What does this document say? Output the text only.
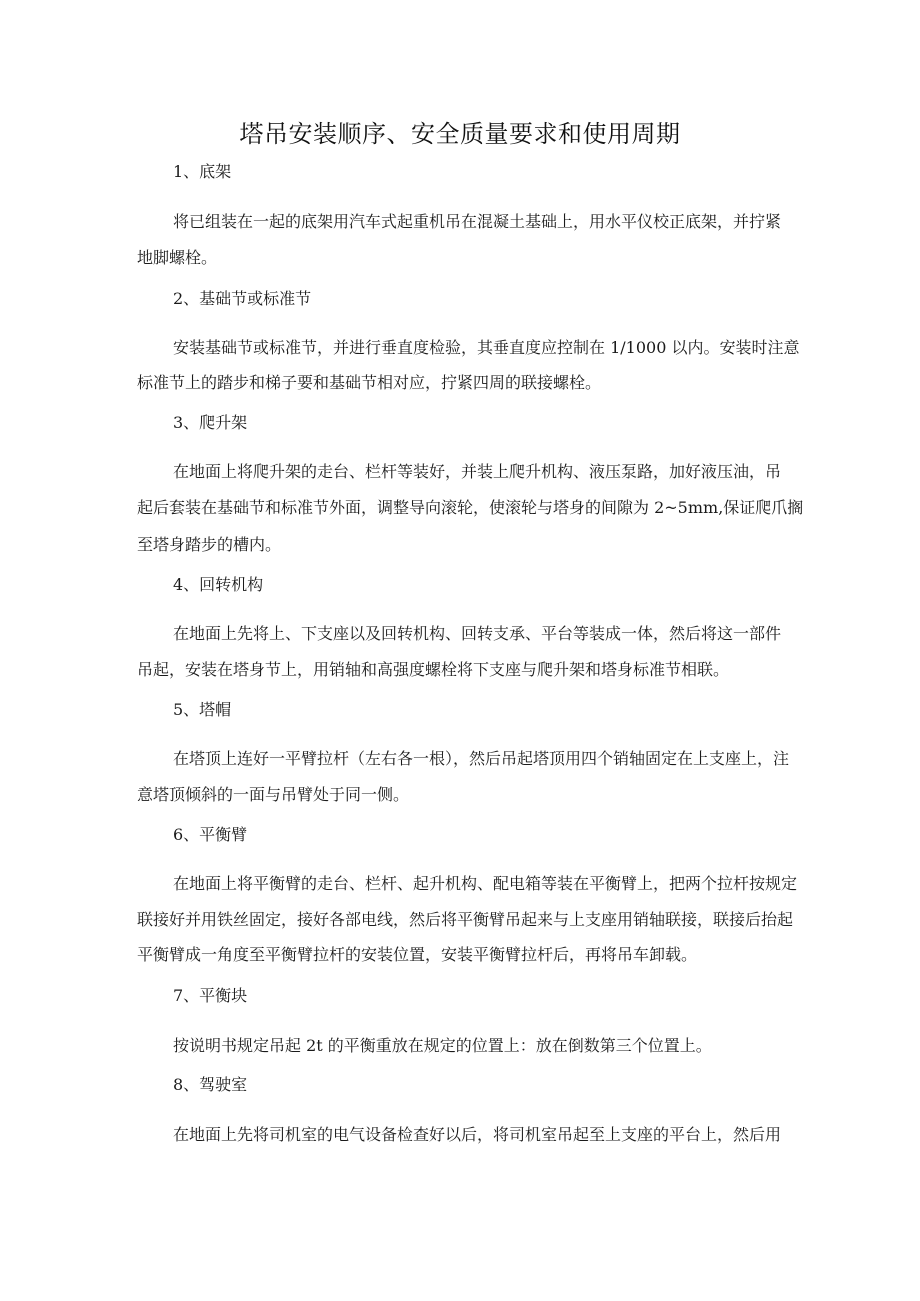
塔吊安装顺序、安全质量要求和使用周期
1、底架
将已组装在一起的底架用汽车式起重机吊在混凝土基础上，用水平仪校正底架，并拧紧
地脚螺栓。
2、基础节或标准节
安装基础节或标准节，并进行垂直度检验，其垂直度应控制在 1/1000 以内。安装时注意
标准节上的踏步和梯子要和基础节相对应，拧紧四周的联接螺栓。
3、爬升架
在地面上将爬升架的走台、栏杆等装好，并装上爬升机构、液压泵路，加好液压油，吊
起后套装在基础节和标准节外面，调整导向滚轮，使滚轮与塔身的间隙为 2~5mm,保证爬爪搁
至塔身踏步的槽内。
4、回转机构
在地面上先将上、下支座以及回转机构、回转支承、平台等装成一体，然后将这一部件
吊起，安装在塔身节上，用销轴和高强度螺栓将下支座与爬升架和塔身标准节相联。
5、塔帽
在塔顶上连好一平臂拉杆（左右各一根），然后吊起塔顶用四个销轴固定在上支座上，注
意塔顶倾斜的一面与吊臂处于同一侧。
6、平衡臂
在地面上将平衡臂的走台、栏杆、起升机构、配电箱等装在平衡臂上，把两个拉杆按规定
联接好并用铁丝固定，接好各部电线，然后将平衡臂吊起来与上支座用销轴联接，联接后抬起
平衡臂成一角度至平衡臂拉杆的安装位置，安装平衡臂拉杆后，再将吊车卸载。
7、平衡块
按说明书规定吊起 2t 的平衡重放在规定的位置上：放在倒数第三个位置上。
8、驾驶室
在地面上先将司机室的电气设备检查好以后，将司机室吊起至上支座的平台上，然后用
